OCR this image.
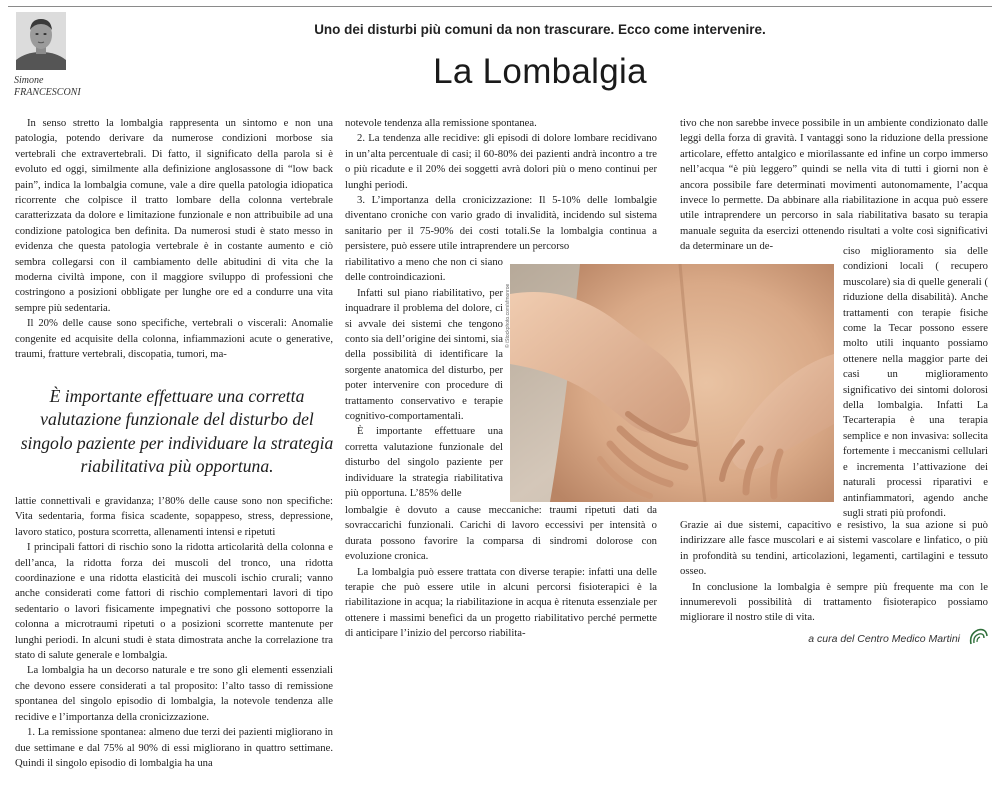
Simone
FRANCESCONI
Uno dei disturbi più comuni da non trascurare. Ecco come intervenire.
La Lombalgia

In senso stretto la lombalgia rappresenta un sintomo e non una patologia, potendo derivare da numerose condizioni morbose sia vertebrali che extravertebrali. Di fatto, il significato della parola si è evoluto ed oggi, similmente alla definizione anglosassone di “low back pain”, indica la lombalgia comune, vale a dire quella patologia idiopatica ricorrente che colpisce il tratto lombare della colonna vertebrale caratterizzata da dolore e limitazione funzionale e non attribuibile ad una condizione patologica ben definita. Da numerosi studi è stato messo in evidenza che questa patologia vertebrale è in costante aumento e ciò sembra collegarsi con il cambiamento delle abitudini di vita che la moderna civiltà impone, con il maggiore sviluppo di professioni che costringono a posizioni obbligate per lunghe ore ed a condurre una vita sempre più sedentaria.

Il 20% delle cause sono specifiche, vertebrali o viscerali: Anomalie congenite ed acquisite della colonna, infiammazioni acute o generative, traumi, fratture vertebrali, discopatia, tumori, ma-

È importante effettuare una corretta valutazione funzionale del disturbo del singolo paziente per individuare la strategia riabilitativa più opportuna.

lattie connettivali e gravidanza; l’80% delle cause sono non specifiche: Vita sedentaria, forma fisica scadente, sopappeso, stress, depressione, lavoro statico, postura scorretta, allenamenti intensi e ripetuti

I principali fattori di rischio sono la ridotta articolarità della colonna e dell’anca, la ridotta forza dei muscoli del tronco, una ridotta coordinazione e una ridotta elasticità dei muscoli ischio crurali; vanno anche considerati come fattori di rischio complementari lavori di tipo sedentario o lavori fisicamente impegnativi che possono sottoporre la colonna a microtraumi ripetuti o a posizioni scorrette mantenute per lunghi periodi. In alcuni studi è stata dimostrata anche la correlazione tra stato di salute generale e lombalgia.

La lombalgia ha un decorso naturale e tre sono gli elementi essenziali che devono essere considerati a tal proposito: l’alto tasso di remissione spontanea del singolo episodio di lombalgia, la notevole tendenza alle recidive e l’importanza della cronicizzazione.

1. La remissione spontanea: almeno due terzi dei pazienti migliorano in due settimane e dal 75% al 90% di essi migliorano in quattro settimane. Quindi il singolo episodio di lombalgia ha una

notevole tendenza alla remissione spontanea.

2. La tendenza alle recidive: gli episodi di dolore lombare recidivano in un’alta percentuale di casi; il 60-80% dei pazienti andrà incontro a tre o più ricadute e il 20% dei soggetti avrà dolori più o meno continui per lunghi periodi.

3. L’importanza della cronicizzazione: Il 5-10% delle lombalgie diventano croniche con vario grado di invalidità, incidendo sul sistema sanitario per il 75-90% dei costi totali.Se la lombalgia continua a persistere, può essere utile intraprendere un percorso

riabilitativo a meno che non ci siano delle controindicazioni.

Infatti sul piano riabilitativo, per inquadrare il problema del dolore, ci si avvale dei sistemi che tengono conto sia dell’origine dei sintomi, sia della possibilità di identificare la sorgente anatomica del disturbo, per poter intervenire con procedure di trattamento conservativo e terapie cognitivo-comportamentali.

È importante effettuare una corretta valutazione funzionale del disturbo del singolo paziente per individuare la strategia riabilitativa più opportuna. L’85% delle

lombalgie è dovuto a cause meccaniche: traumi ripetuti dati da sovraccarichi funzionali. Carichi di lavoro eccessivi per intensità o durata possono favorire la comparsa di sindromi dolorose con evoluzione cronica.

La lombalgia può essere trattata con diverse terapie: infatti una delle terapie che può essere utile in alcuni percorsi fisioterapici è la riabilitazione in acqua; la riabilitazione in acqua è ritenuta essenziale per ottenere i massimi benefici da un progetto riabilitativo perché permette di anticipare l’inizio del percorso riabilita-

tivo che non sarebbe invece possibile in un ambiente condizionato dalle leggi della forza di gravità. I vantaggi sono la riduzione della pressione articolare, effetto antalgico e miorilassante ed infine un corpo immerso nell’acqua “è più leggero” quindi se nella vita di tutti i giorni non è ancora possibile fare determinati movimenti autonomamente, l’acqua invece lo permette. Da abbinare alla riabilitazione in acqua può essere utile intraprendere un percorso in sala riabilitativa basato su terapia manuale seguita da esercizi ottenendo risultati a volte così significativi da determinare un de-	ciso miglioramento sia delle condizioni locali ( recupero muscolare) sia di quelle generali ( riduzione della disabilità). Anche trattamenti con terapie fisiche come la Tecar possono essere molto utili inquanto possiamo ottenere nella maggior parte dei casi un miglioramento significativo dei sintomi dolorosi della lombalgia. Infatti La Tecarterapia è una terapia semplice e non invasiva: sollecita fortemente i meccanismi cellulari e incrementa l’attivazione dei naturali processi riparativi e antinfiammatori, agendo anche sugli strati più profondi.

Grazie ai due sistemi, capacitivo e resistivo, la sua azione si può indirizzare alle fasce muscolari e ai sistemi vascolare e linfatico, o più in profondità su tendini, articolazioni, legamenti, cartilagini e tessuto osseo.

In conclusione la lombalgia è sempre più frequente ma con le innumerevoli possibilità di trattamento fisioterapico possiamo migliorare il nostro stile di vita.

© iStockphoto.com/sfmonroe
a cura del Centro Medico Martini
